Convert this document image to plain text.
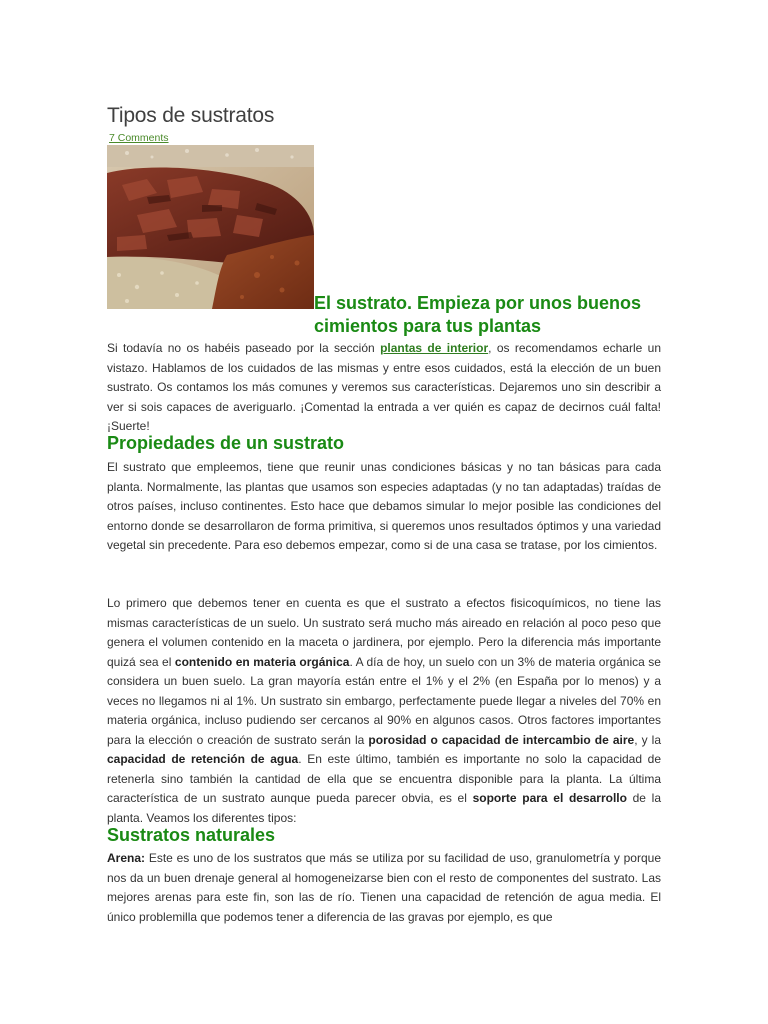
Tipos de sustratos
7 Comments

El sustrato. Empieza por unos buenos cimientos para tus plantas

Si todavía no os habéis paseado por la sección plantas de interior, os recomendamos echarle un vistazo. Hablamos de los cuidados de las mismas y entre esos cuidados, está la elección de un buen sustrato. Os contamos los más comunes y veremos sus características. Dejaremos uno sin describir a ver si sois capaces de averiguarlo. ¡Comentad la entrada a ver quién es capaz de decirnos cuál falta! ¡Suerte!

Propiedades de un sustrato

El sustrato que empleemos, tiene que reunir unas condiciones básicas y no tan básicas para cada planta. Normalmente, las plantas que usamos son especies adaptadas (y no tan adaptadas) traídas de otros países, incluso continentes. Esto hace que debamos simular lo mejor posible las condiciones del entorno donde se desarrollaron de forma primitiva, si queremos unos resultados óptimos y una variedad vegetal sin precedente. Para eso debemos empezar, como si de una casa se tratase, por los cimientos.

Lo primero que debemos tener en cuenta es que el sustrato a efectos fisicoquímicos, no tiene las mismas características de un suelo. Un sustrato será mucho más aireado en relación al poco peso que genera el volumen contenido en la maceta o jardinera, por ejemplo. Pero la diferencia más importante quizá sea el contenido en materia orgánica. A día de hoy, un suelo con un 3% de materia orgánica se considera un buen suelo. La gran mayoría están entre el 1% y el 2% (en España por lo menos) y a veces no llegamos ni al 1%. Un sustrato sin embargo, perfectamente puede llegar a niveles del 70% en materia orgánica, incluso pudiendo ser cercanos al 90% en algunos casos. Otros factores importantes para la elección o creación de sustrato serán la porosidad o capacidad de intercambio de aire, y la capacidad de retención de agua. En este último, también es importante no solo la capacidad de retenerla sino también la cantidad de ella que se encuentra disponible para la planta. La última característica de un sustrato aunque pueda parecer obvia, es el soporte para el desarrollo de la planta. Veamos los diferentes tipos:

Sustratos naturales

Arena: Este es uno de los sustratos que más se utiliza por su facilidad de uso, granulometría y porque nos da un buen drenaje general al homogeneizarse bien con el resto de componentes del sustrato. Las mejores arenas para este fin, son las de río. Tienen una capacidad de retención de agua media. El único problemilla que podemos tener a diferencia de las gravas por ejemplo, es que
